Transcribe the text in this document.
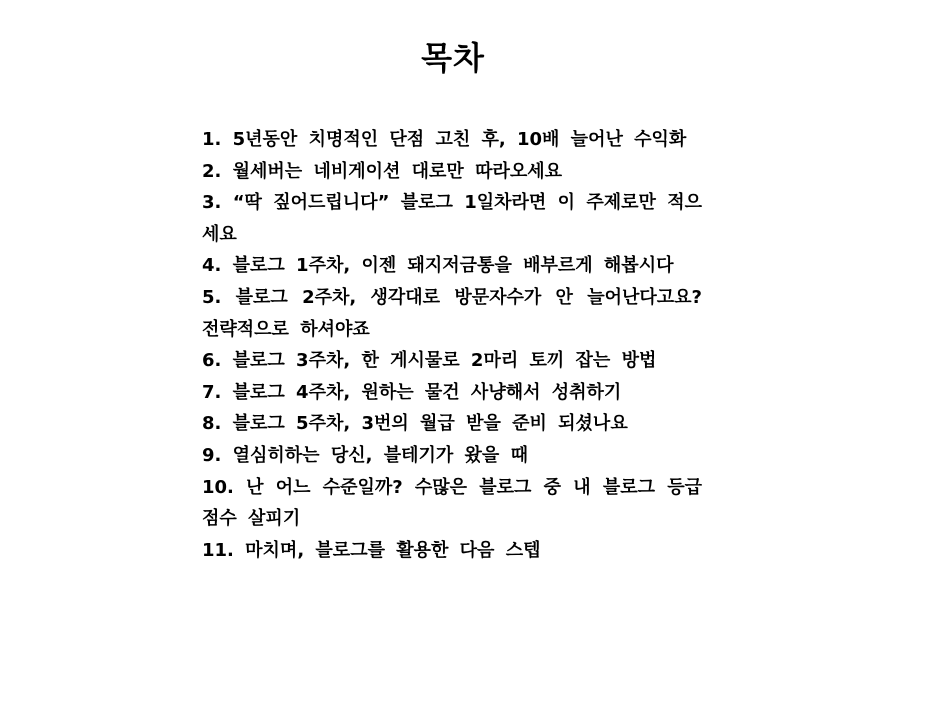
목차
1. 5년동안 치명적인 단점 고친 후, 10배 늘어난 수익화
2. 월세버는 네비게이션 대로만 따라오세요
3. “딱 짚어드립니다” 블로그 1일차라면 이 주제로만 적으세요
4. 블로그 1주차, 이젠 돼지저금통을 배부르게 해봅시다
5. 블로그 2주차, 생각대로 방문자수가 안 늘어난다고요? 전략적으로 하셔야죠
6. 블로그 3주차, 한 게시물로 2마리 토끼 잡는 방법
7. 블로그 4주차, 원하는 물건 사냥해서 성취하기
8. 블로그 5주차, 3번의 월급 받을 준비 되셨나요
9. 열심히하는 당신, 블테기가 왔을 때
10. 난 어느 수준일까? 수많은 블로그 중 내 블로그 등급 점수 살피기
11. 마치며, 블로그를 활용한 다음 스텝
